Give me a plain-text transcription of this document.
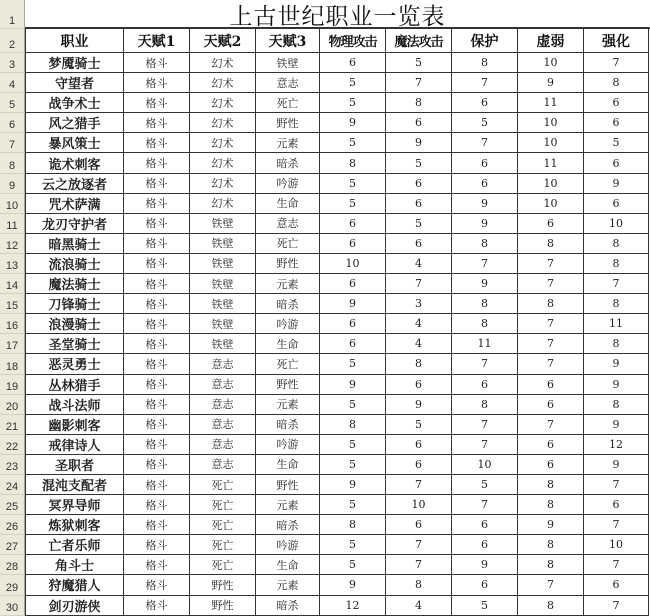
1	上古世纪职业一览表
2	职业	天赋1	天赋2	天赋3	物理攻击	魔法攻击	保护	虚弱	强化
3	梦魇骑士	格斗	幻术	铁壁	6	5	8	10	7
4	守望者	格斗	幻术	意志	5	7	7	9	8
5	战争术士	格斗	幻术	死亡	5	8	6	11	6
6	风之猎手	格斗	幻术	野性	9	6	5	10	6
7	暴风策士	格斗	幻术	元素	5	9	7	10	5
8	诡术刺客	格斗	幻术	暗杀	8	5	6	11	6
9	云之放逐者	格斗	幻术	吟游	5	6	6	10	9
10	咒术萨满	格斗	幻术	生命	5	6	9	10	6
11	龙刃守护者	格斗	铁壁	意志	6	5	9	6	10
12	暗黑骑士	格斗	铁壁	死亡	6	6	8	8	8
13	流浪骑士	格斗	铁壁	野性	10	4	7	7	8
14	魔法骑士	格斗	铁壁	元素	6	7	9	7	7
15	刀锋骑士	格斗	铁壁	暗杀	9	3	8	8	8
16	浪漫骑士	格斗	铁壁	吟游	6	4	8	7	11
17	圣堂骑士	格斗	铁壁	生命	6	4	11	7	8
18	恶灵勇士	格斗	意志	死亡	5	8	7	7	9
19	丛林猎手	格斗	意志	野性	9	6	6	6	9
20	战斗法师	格斗	意志	元素	5	9	8	6	8
21	幽影刺客	格斗	意志	暗杀	8	5	7	7	9
22	戒律诗人	格斗	意志	吟游	5	6	7	6	12
23	圣职者	格斗	意志	生命	5	6	10	6	9
24	混沌支配者	格斗	死亡	野性	9	7	5	8	7
25	冥界导师	格斗	死亡	元素	5	10	7	8	6
26	炼狱刺客	格斗	死亡	暗杀	8	6	6	9	7
27	亡者乐师	格斗	死亡	吟游	5	7	6	8	10
28	角斗士	格斗	死亡	生命	5	7	9	8	7
29	狩魔猎人	格斗	野性	元素	9	8	6	7	6
30	剑刃游侠	格斗	野性	暗杀	12	4	5	8	7
